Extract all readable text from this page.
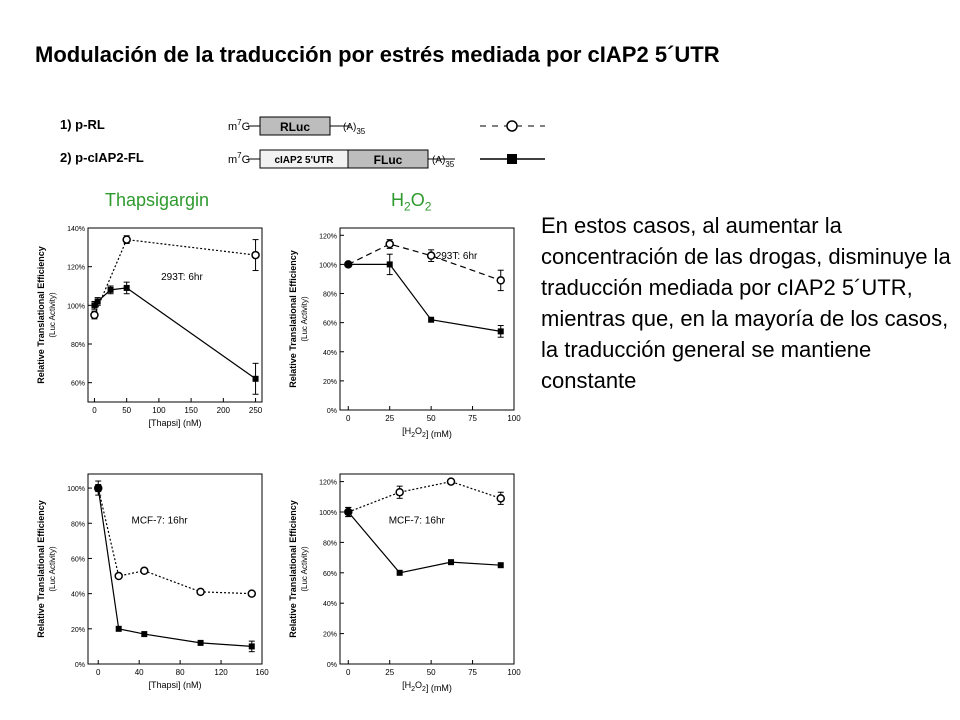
Modulación de la traducción por estrés mediada por cIAP2 5´UTR
1) p-RL	$m^7G$ RLuc	$(A)_{35}$
2) p-cIAP2-FL	$m^7G$ cIAP2 5'UTR	FLuc	$(A)_{35}$
Thapsigargin	$H_2O_2$
En estos casos, al aumentar la concentración de las drogas, disminuye la traducción mediada por cIAP2 5´UTR, mientras que, en la mayoría de los casos, la traducción general se mantiene constante
60%
80%
100%
120%
140%
0	50	100 150 200 250
[Thapsi] (nM)
Relative Translational Efficiency (Luc Activity)
293T: 6hr
0%
20%
40%
60%
80%
100%
120%
0	25	50	75	100
$[H_2O_2]$ (mM)
Relative Translational Efficiency (Luc Activity)
293T: 6hr
0%
20%
40%
60%
80%
100%
0	40	80	120	160
[Thapsi] (nM)
Relative Translational Efficiency (Luc Activity)
MCF-7: 16hr
0%
20%
40%
60%
80%
100%
120%
0	25	50	75	100
$[H_2O_2]$ (mM)
Relative Translational Efficiency (Luc Activity)
MCF-7: 16hr
